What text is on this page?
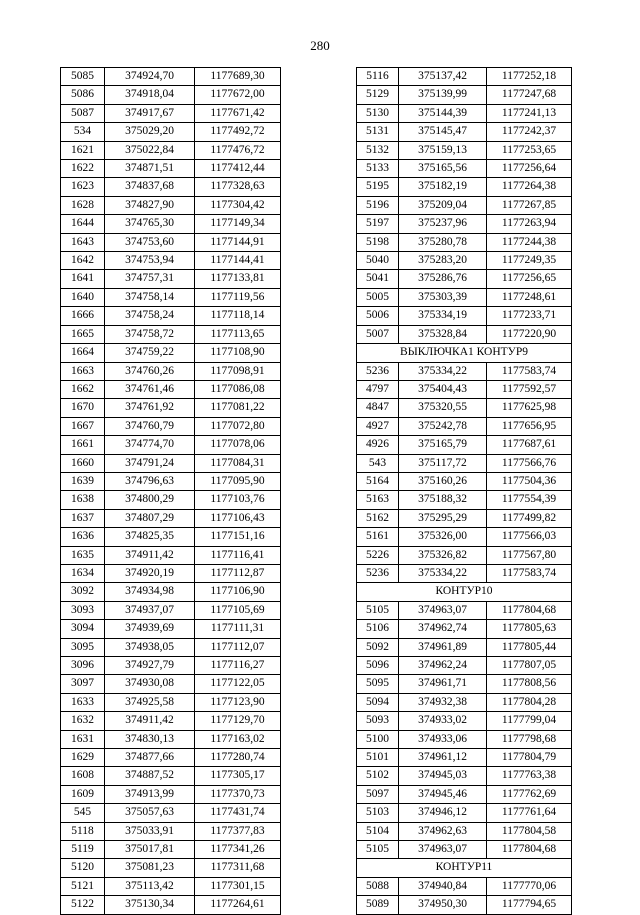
280
5085	374924,70	1177689,30
5086	374918,04	1177672,00
5087	374917,67	1177671,42
534	375029,20	1177492,72
1621	375022,84	1177476,72
1622	374871,51	1177412,44
1623	374837,68	1177328,63
1628	374827,90	1177304,42
1644	374765,30	1177149,34
1643	374753,60	1177144,91
1642	374753,94	1177144,41
1641	374757,31	1177133,81
1640	374758,14	1177119,56
1666	374758,24	1177118,14
1665	374758,72	1177113,65
1664	374759,22	1177108,90
1663	374760,26	1177098,91
1662	374761,46	1177086,08
1670	374761,92	1177081,22
1667	374760,79	1177072,80
1661	374774,70	1177078,06
1660	374791,24	1177084,31
1639	374796,63	1177095,90
1638	374800,29	1177103,76
1637	374807,29	1177106,43
1636	374825,35	1177151,16
1635	374911,42	1177116,41
1634	374920,19	1177112,87
3092	374934,98	1177106,90
3093	374937,07	1177105,69
3094	374939,69	1177111,31
3095	374938,05	1177112,07
3096	374927,79	1177116,27
3097	374930,08	1177122,05
1633	374925,58	1177123,90
1632	374911,42	1177129,70
1631	374830,13	1177163,02
1629	374877,66	1177280,74
1608	374887,52	1177305,17
1609	374913,99	1177370,73
545	375057,63	1177431,74
5118	375033,91	1177377,83
5119	375017,81	1177341,26
5120	375081,23	1177311,68
5121	375113,42	1177301,15
5122	375130,34	1177264,61
5116	375137,42	1177252,18
5129	375139,99	1177247,68
5130	375144,39	1177241,13
5131	375145,47	1177242,37
5132	375159,13	1177253,65
5133	375165,56	1177256,64
5195	375182,19	1177264,38
5196	375209,04	1177267,85
5197	375237,96	1177263,94
5198	375280,78	1177244,38
5040	375283,20	1177249,35
5041	375286,76	1177256,65
5005	375303,39	1177248,61
5006	375334,19	1177233,71
5007	375328,84	1177220,90
ВЫКЛЮЧКА1 КОНТУР9		
5236	375334,22	1177583,74
4797	375404,43	1177592,57
4847	375320,55	1177625,98
4927	375242,78	1177656,95
4926	375165,79	1177687,61
543	375117,72	1177566,76
5164	375160,26	1177504,36
5163	375188,32	1177554,39
5162	375295,29	1177499,82
5161	375326,00	1177566,03
5226	375326,82	1177567,80
5236	375334,22	1177583,74
КОНТУР10		
5105	374963,07	1177804,68
5106	374962,74	1177805,63
5092	374961,89	1177805,44
5096	374962,24	1177807,05
5095	374961,71	1177808,56
5094	374932,38	1177804,28
5093	374933,02	1177799,04
5100	374933,06	1177798,68
5101	374961,12	1177804,79
5102	374945,03	1177763,38
5097	374945,46	1177762,69
5103	374946,12	1177761,64
5104	374962,63	1177804,58
5105	374963,07	1177804,68
КОНТУР11		
5088	374940,84	1177770,06
5089	374950,30	1177794,65
